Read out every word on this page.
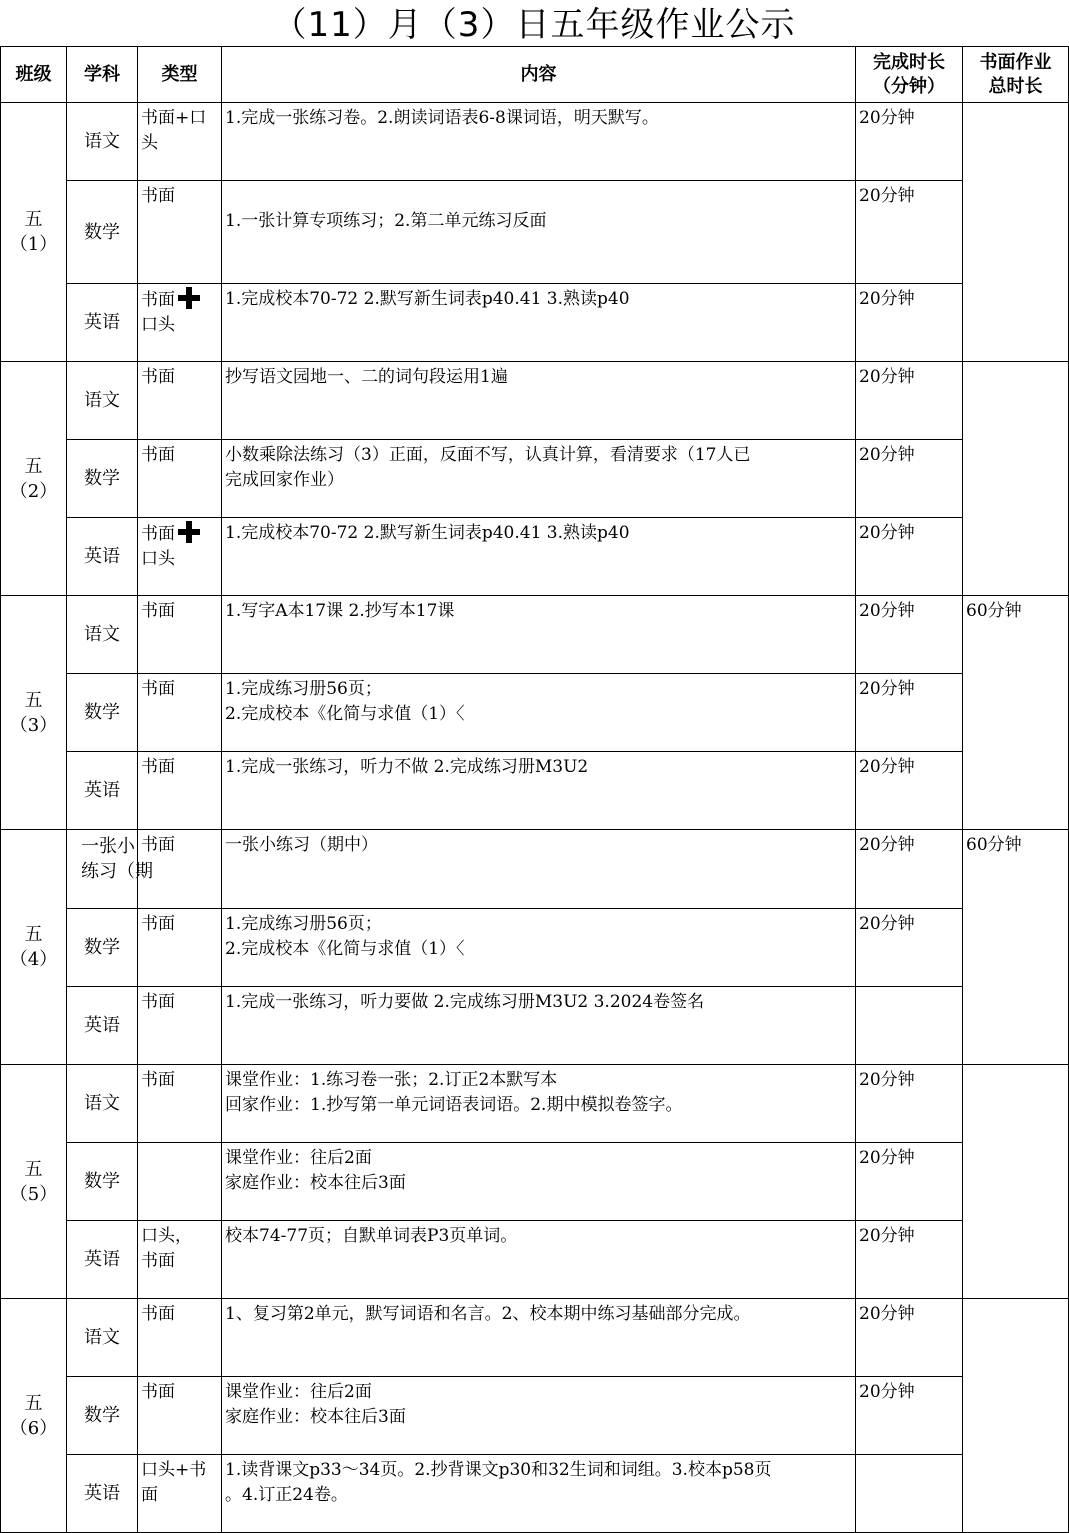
（11）月（3）日五年级作业公示
班级	学科	类型	内容	完成时长
（分钟）	书面作业
总时长

五
（1）	语文	书面+口
头	1.完成一张练习卷。2.朗读词语表6-8课词语，明天默写。	20分钟	
	数学	书面	1.一张计算专项练习；2.第二单元练习反面	20分钟	
	英语	书面
口头	1.完成校本70-72 2.默写新生词表p40.41 3.熟读p40	20分钟	

五
（2）	语文	书面	抄写语文园地一、二的词句段运用1遍	20分钟	
	数学	书面	小数乘除法练习（3）正面，反面不写，认真计算，看清要求（17人已
完成回家作业）	20分钟	
	英语	书面
口头	1.完成校本70-72 2.默写新生词表p40.41 3.熟读p40	20分钟	

五
（3）	语文	书面	1.写字A本17课 2.抄写本17课	20分钟	60分钟
	数学	书面	1.完成练习册56页；
2.完成校本《化简与求值（1）〈	20分钟	
	英语	书面	1.完成一张练习，听力不做 2.完成练习册M3U2	20分钟	

五
（4）	一张小
练习（期	书面	一张小练习（期中）	20分钟	60分钟
	数学	书面	1.完成练习册56页；
2.完成校本《化简与求值（1）〈	20分钟	
	英语	书面	1.完成一张练习，听力要做 2.完成练习册M3U2 3.2024卷签名		

五
（5）	语文	书面	课堂作业：1.练习卷一张；2.订正2本默写本
回家作业：1.抄写第一单元词语表词语。2.期中模拟卷签字。	20分钟	
	数学		课堂作业：往后2面
家庭作业：校本往后3面	20分钟	
	英语	口头，
书面	校本74-77页；自默单词表P3页单词。	20分钟	

五
（6）	语文	书面	1、复习第2单元，默写词语和名言。2、校本期中练习基础部分完成。	20分钟	
	数学	书面	课堂作业：往后2面
家庭作业：校本往后3面	20分钟	
	英语	口头+书
面	1.读背课文p33～34页。2.抄背课文p30和32生词和词组。3.校本p58页
。4.订正24卷。		
